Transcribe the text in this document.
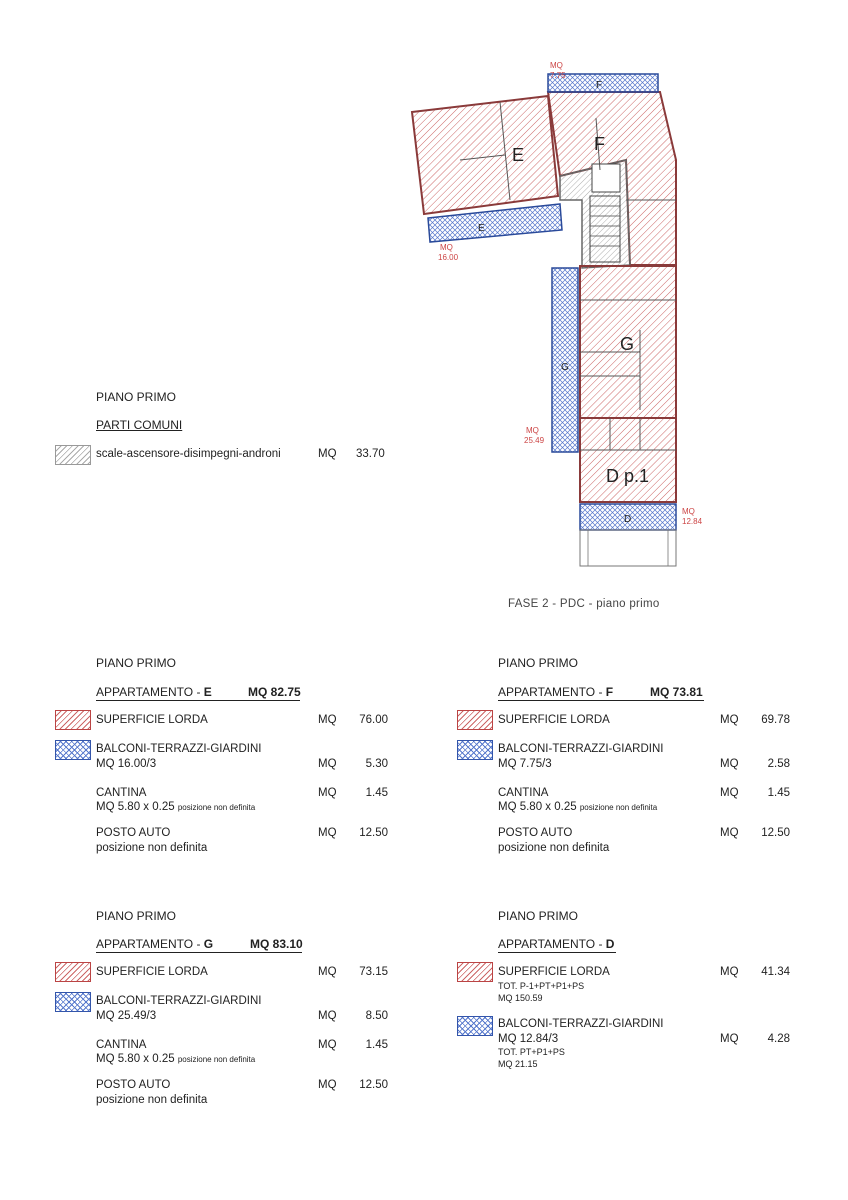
E
F
G
D p.1
F
E
G
D
MQ
7.75
MQ
16.00
MQ
25.49
MQ
12.84
FASE 2 - PDC - piano primo
PIANO PRIMO
PARTI COMUNI
scale-ascensore-disimpegni-androni	MQ 33.70
PIANO PRIMO
APPARTAMENTO - E	MQ 82.75
SUPERFICIE LORDA	MQ	76.00
BALCONI-TERRAZZI-GIARDINI
MQ 16.00/3	MQ	5.30
CANTINA
MQ 5.80 x 0.25 posizione non definita
MQ	1.45
POSTO AUTO
posizione non definita
MQ	12.50
PIANO PRIMO
APPARTAMENTO - F	MQ 73.81
SUPERFICIE LORDA	MQ	69.78
BALCONI-TERRAZZI-GIARDINI
MQ 7.75/3	MQ	2.58
CANTINA
MQ 5.80 x 0.25 posizione non definita
MQ	1.45
POSTO AUTO
posizione non definita
MQ	12.50
PIANO PRIMO
APPARTAMENTO - G	MQ 83.10
SUPERFICIE LORDA	MQ	73.15
BALCONI-TERRAZZI-GIARDINI
MQ 25.49/3	MQ	8.50
CANTINA
MQ 5.80 x 0.25 posizione non definita
MQ	1.45
POSTO AUTO
posizione non definita
MQ	12.50
PIANO PRIMO
APPARTAMENTO - D
SUPERFICIE LORDA
TOT. P-1+PT+P1+PS
MQ 150.59
MQ	41.34
BALCONI-TERRAZZI-GIARDINI
MQ 12.84/3
TOT. PT+P1+PS
MQ 21.15
MQ	4.28
